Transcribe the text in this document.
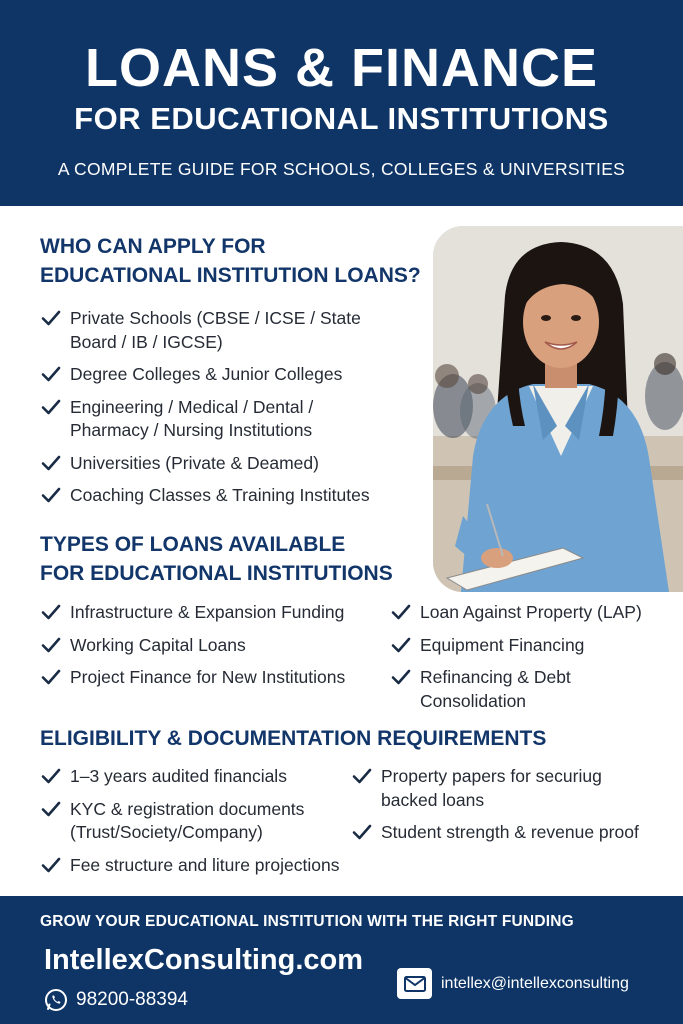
LOANS & FINANCE
FOR EDUCATIONAL INSTITUTIONS
A COMPLETE GUIDE FOR SCHOOLS, COLLEGES & UNIVERSITIES
WHO CAN APPLY FOR
EDUCATIONAL INSTITUTION LOANS?
Private Schools (CBSE / ICSE / State
Board / IB / IGCSE)
Degree Colleges & Junior Colleges
Engineering / Medical / Dental /
Pharmacy / Nursing Institutions
Universities (Private & Deamed)
Coaching Classes & Training Institutes
TYPES OF LOANS AVAILABLE
FOR EDUCATIONAL INSTITUTIONS
Infrastructure & Expansion Funding
Working Capital Loans
Project Finance for New Institutions
Loan Against Property (LAP)
Equipment Financing
Refinancing & Debt
Consolidation
ELIGIBILITY & DOCUMENTATION REQUIREMENTS
1–3 years audited financials
KYC & registration documents
(Trust/Society/Company)
Fee structure and liture projections
Property papers for securiug
backed loans
Student strength & revenue proof
GROW YOUR EDUCATIONAL INSTITUTION WITH THE RIGHT FUNDING
IntellexConsulting.com
98200-88394
intellex@intellexconsulting
